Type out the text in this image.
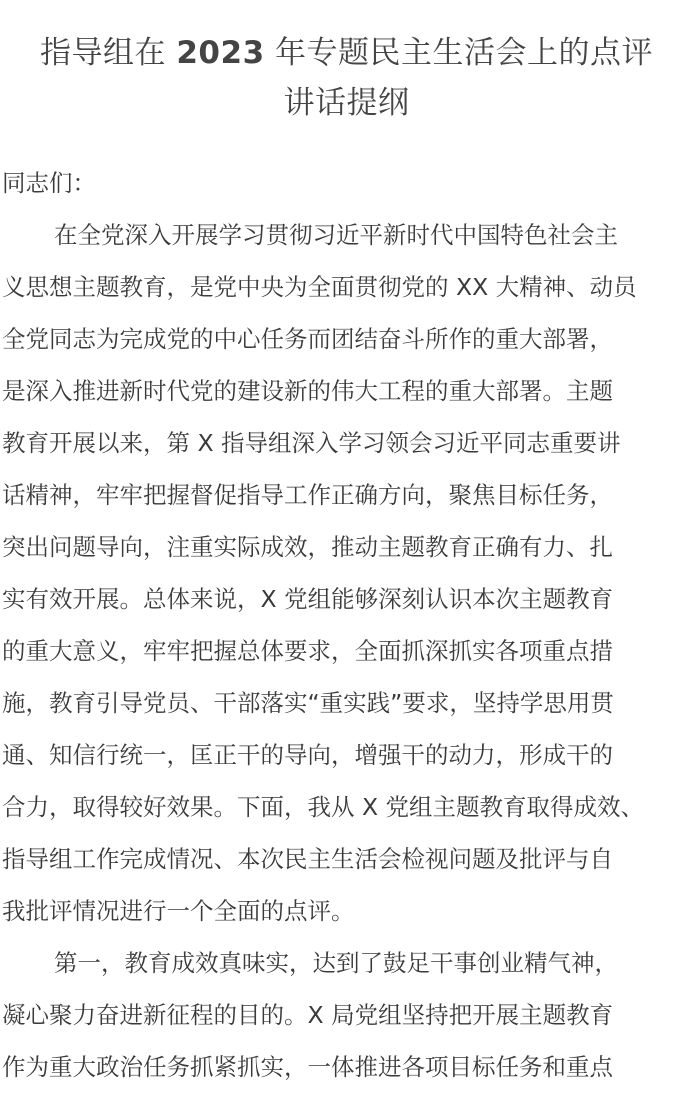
指导组在 2023 年专题民主生活会上的点评
讲话提纲
同志们：
在全党深入开展学习贯彻习近平新时代中国特色社会主
义思想主题教育，是党中央为全面贯彻党的 XX 大精神、动员
全党同志为完成党的中心任务而团结奋斗所作的重大部署，
是深入推进新时代党的建设新的伟大工程的重大部署。主题
教育开展以来，第 X 指导组深入学习领会习近平同志重要讲
话精神，牢牢把握督促指导工作正确方向，聚焦目标任务，
突出问题导向，注重实际成效，推动主题教育正确有力、扎
实有效开展。总体来说，X 党组能够深刻认识本次主题教育
的重大意义，牢牢把握总体要求，全面抓深抓实各项重点措
施，教育引导党员、干部落实“重实践”要求，坚持学思用贯
通、知信行统一，匡正干的导向，增强干的动力，形成干的
合力，取得较好效果。下面，我从 X 党组主题教育取得成效、
指导组工作完成情况、本次民主生活会检视问题及批评与自
我批评情况进行一个全面的点评。
第一，教育成效真味实，达到了鼓足干事创业精气神，
凝心聚力奋进新征程的目的。X 局党组坚持把开展主题教育
作为重大政治任务抓紧抓实，一体推进各项目标任务和重点
